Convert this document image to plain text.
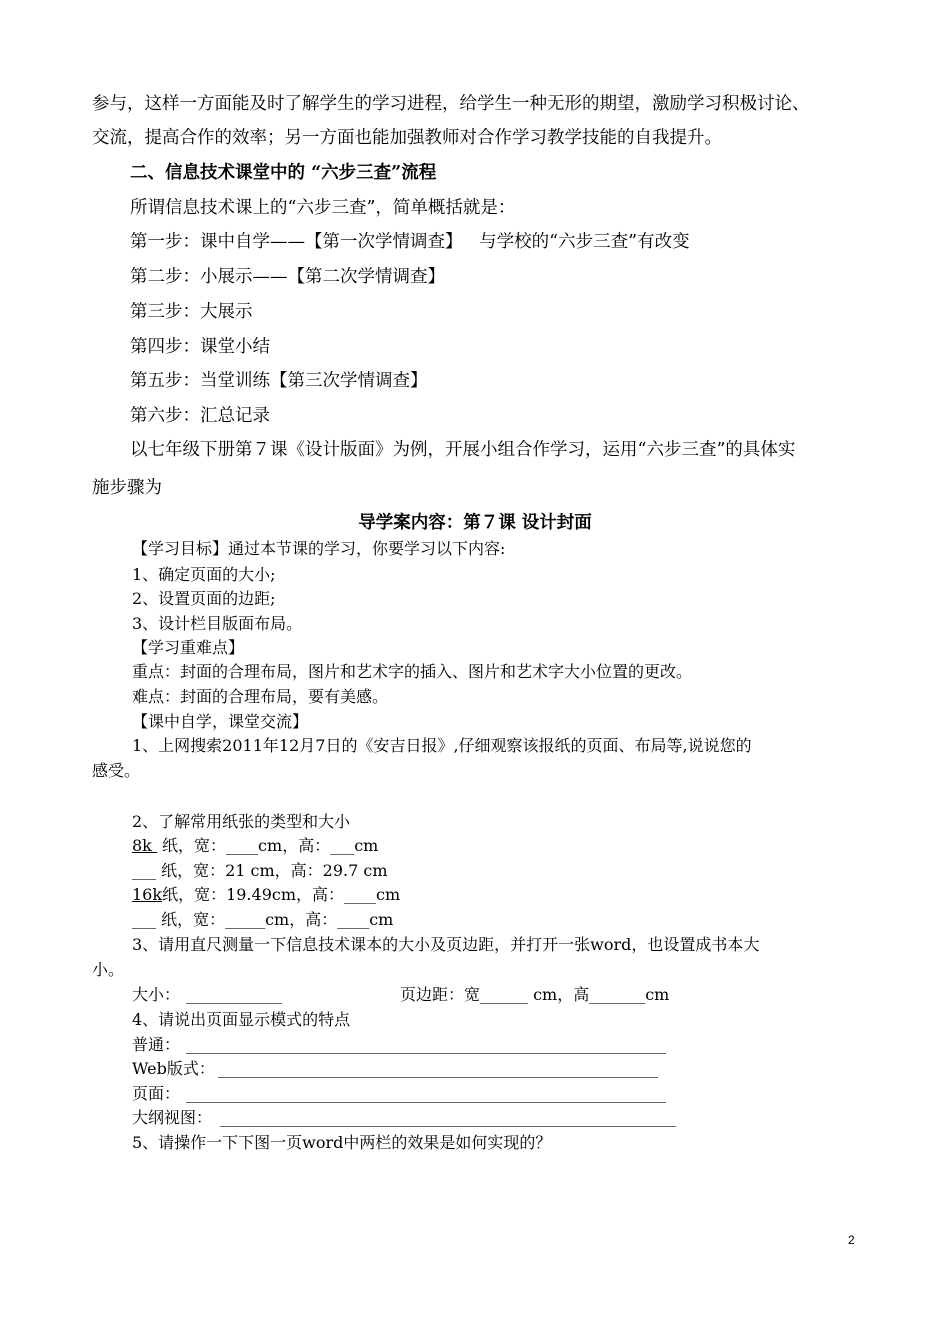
参与，这样一方面能及时了解学生的学习进程，给学生一种无形的期望，激励学习积极讨论、
交流，提高合作的效率；另一方面也能加强教师对合作学习教学技能的自我提升。
二、信息技术课堂中的 “六步三查”流程
所谓信息技术课上的“六步三查”，简单概括就是：
第一步：课中自学——【第一次学情调查】   与学校的“六步三查”有改变
第二步：小展示——【第二次学情调查】
第三步：大展示
第四步：课堂小结
第五步：当堂训练【第三次学情调查】
第六步：汇总记录
以七年级下册第７课《设计版面》为例，开展小组合作学习，运用“六步三查”的具体实
施步骤为
导学案内容：第７课 设计封面
【学习目标】通过本节课的学习，你要学习以下内容:
1、确定页面的大小;
2、设置页面的边距;
3、设计栏目版面布局。
【学习重难点】
重点：封面的合理布局，图片和艺术字的插入、图片和艺术字大小位置的更改。
难点：封面的合理布局，要有美感。
【课中自学，课堂交流】
1、上网搜索2011年12月7日的《安吉日报》,仔细观察该报纸的页面、布局等,说说您的
感受。
2、了解常用纸张的类型和大小
8k  纸，宽：____cm，高：___cm
___ 纸，宽：21 cm，高：29.7 cm
16k纸，宽：19.49cm，高：____cm
___ 纸，宽：_____cm，高：____cm
3、请用直尺测量一下信息技术课本的大小及页边距，并打开一张word，也设置成书本大
小。
大小： ____________	页边距：宽______ cm，高_______cm
4、请说出页面显示模式的特点
普通： ____________________________________________________________
Web版式： _______________________________________________________
页面： ____________________________________________________________
大纲视图： _________________________________________________________
5、请操作一下下图一页word中两栏的效果是如何实现的？
2
